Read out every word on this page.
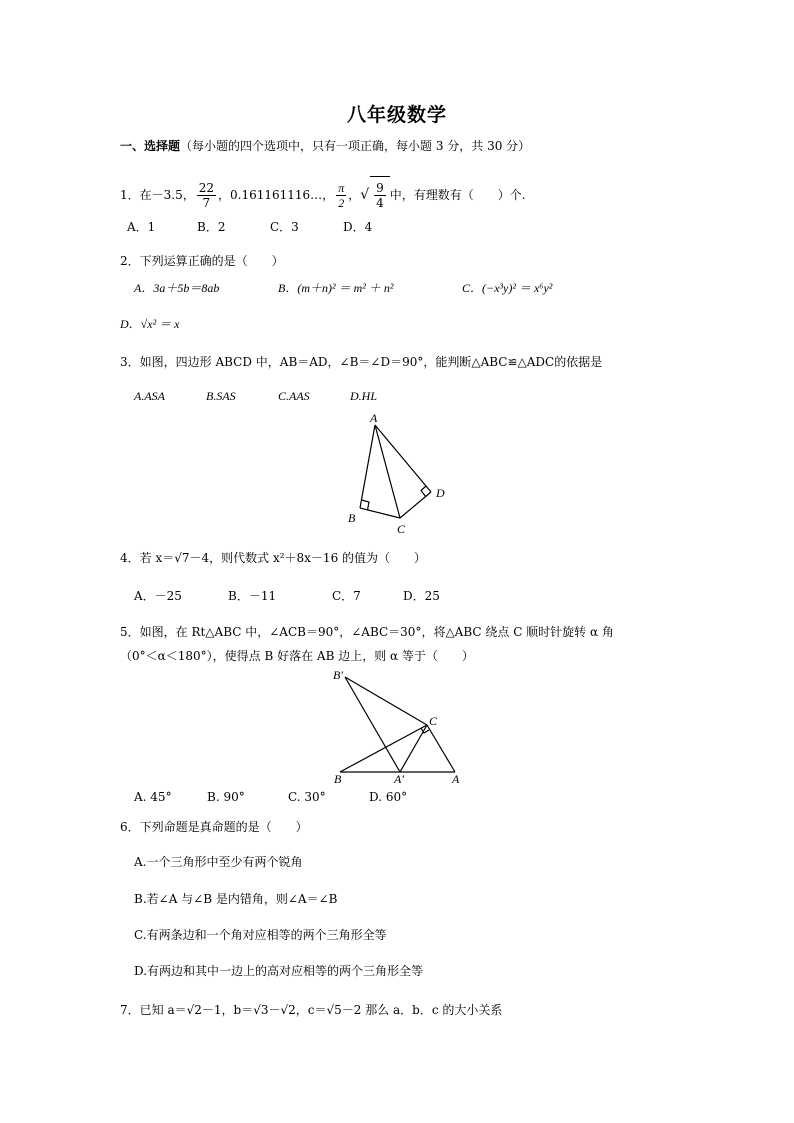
八年级数学
一、选择题（每小题的四个选项中，只有一项正确，每小题 3 分，共 30 分）
1．在－3.5， $\frac{22}{7}$ ，0.161161116…， $\frac{\pi}{2}$ ，√ $\frac{9}{4}$ 中，有理数有（　　）个.
A．1	B．2	C．3	D．4
2．下列运算正确的是（　　）
A．3a＋5b＝8ab	B．(m＋n)² ＝ m² ＋ n²	C．(−x³y)² ＝ x⁶y²
D．√x² ＝ x
3．如图，四边形 ABCD 中，AB＝AD，∠B＝∠D＝90°，能判断△ABC≌△ADC的依据是
A.ASA	B.SAS	C.AAS	D.HL
A
B
C
D
4．若 x＝√7－4，则代数式 x²＋8x－16 的值为（　　）
A．－25	B．－11	C．7	D．25
5．如图，在 Rt△ABC 中，∠ACB＝90°，∠ABC＝30°，将△ABC 绕点 C 顺时针旋转 α 角
（0°＜α＜180°），使得点 B 好落在 AB 边上，则 α 等于（　　）
B′
C
B	A′	A
A. 45°	B. 90°	C. 30°	D. 60°
6．下列命题是真命题的是（　　）
A.一个三角形中至少有两个锐角
B.若∠A 与∠B 是内错角，则∠A＝∠B
C.有两条边和一个角对应相等的两个三角形全等
D.有两边和其中一边上的高对应相等的两个三角形全等
7．已知 a＝√2－1，b＝√3－√2，c＝√5－2 那么 a．b．c 的大小关系
